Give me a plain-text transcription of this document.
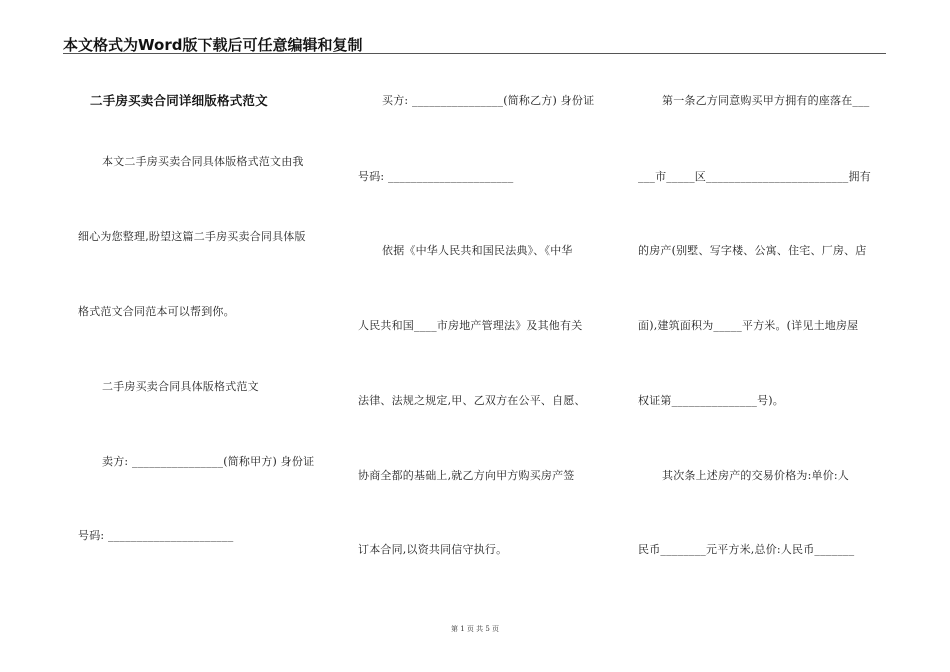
本文格式为Word版下载后可任意编辑和复制
二手房买卖合同详细版格式范文
本文二手房买卖合同具体版格式范文由我
细心为您整理,盼望这篇二手房买卖合同具体版
格式范文合同范本可以帮到你。
二手房买卖合同具体版格式范文
卖方: ________________(简称甲方) 身份证
号码: ______________________
买方: ________________(简称乙方) 身份证
号码: ______________________
依据《中华人民共和国民法典》、《中华
人民共和国____市房地产管理法》及其他有关
法律、法规之规定,甲、乙双方在公平、自愿、
协商全都的基础上,就乙方向甲方购买房产签
订本合同,以资共同信守执行。
第一条乙方同意购买甲方拥有的座落在___
___市_____区_________________________拥有
的房产(别墅、写字楼、公寓、住宅、厂房、店
面),建筑面积为_____平方米。(详见土地房屋
权证第_______________号)。
其次条上述房产的交易价格为:单价:人
民币________元平方米,总价:人民币_______
第 1 页 共 5 页
